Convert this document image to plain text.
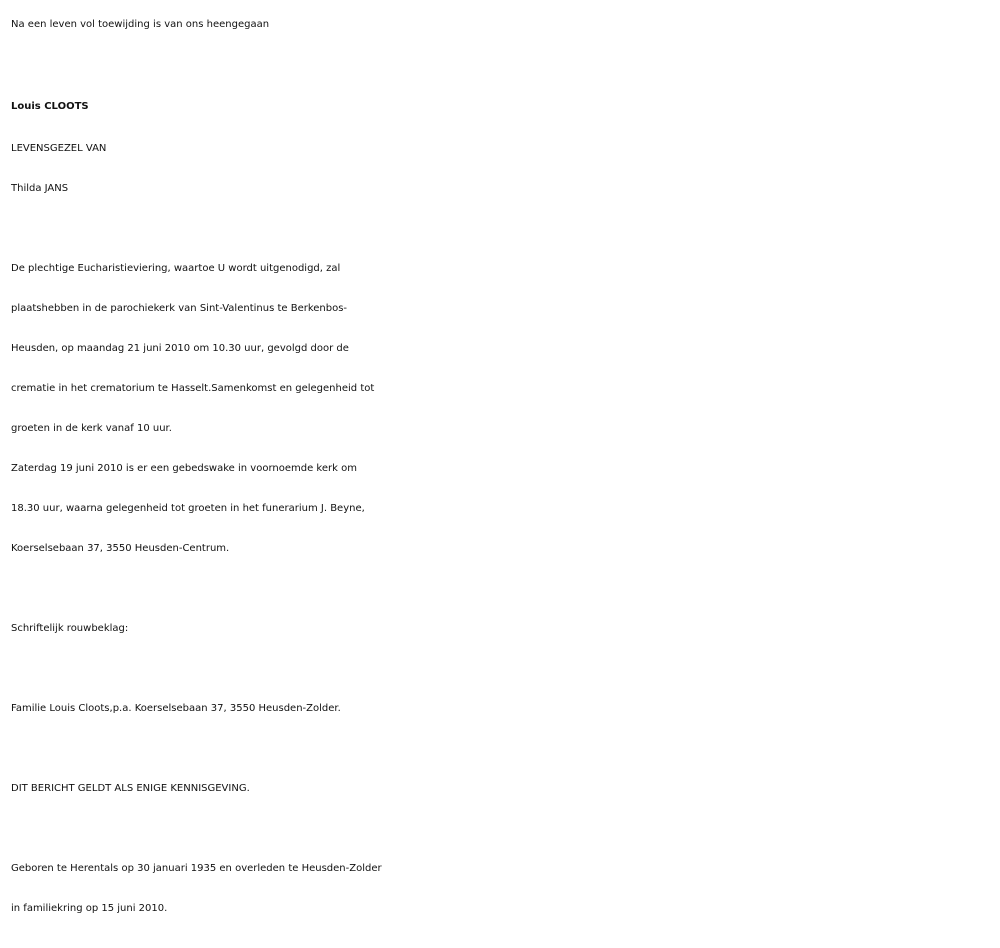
Na een leven vol toewijding is van ons heengegaan

Louis CLOOTS

LEVENSGEZEL VAN

Thilda JANS

De plechtige Eucharistieviering, waartoe U wordt uitgenodigd, zal

plaatshebben in de parochiekerk van Sint-Valentinus te Berkenbos-

Heusden, op maandag 21 juni 2010 om 10.30 uur, gevolgd door de

crematie in het crematorium te Hasselt.Samenkomst en gelegenheid tot

groeten in de kerk vanaf 10 uur.

Zaterdag 19 juni 2010 is er een gebedswake in voornoemde kerk om

18.30 uur, waarna gelegenheid tot groeten in het funerarium J. Beyne,

Koerselsebaan 37, 3550 Heusden-Centrum.

Schriftelijk rouwbeklag:

Familie Louis Cloots,p.a. Koerselsebaan 37, 3550 Heusden-Zolder.

DIT BERICHT GELDT ALS ENIGE KENNISGEVING.

Geboren te Herentals op 30 januari 1935 en overleden te Heusden-Zolder

in familiekring op 15 juni 2010.
